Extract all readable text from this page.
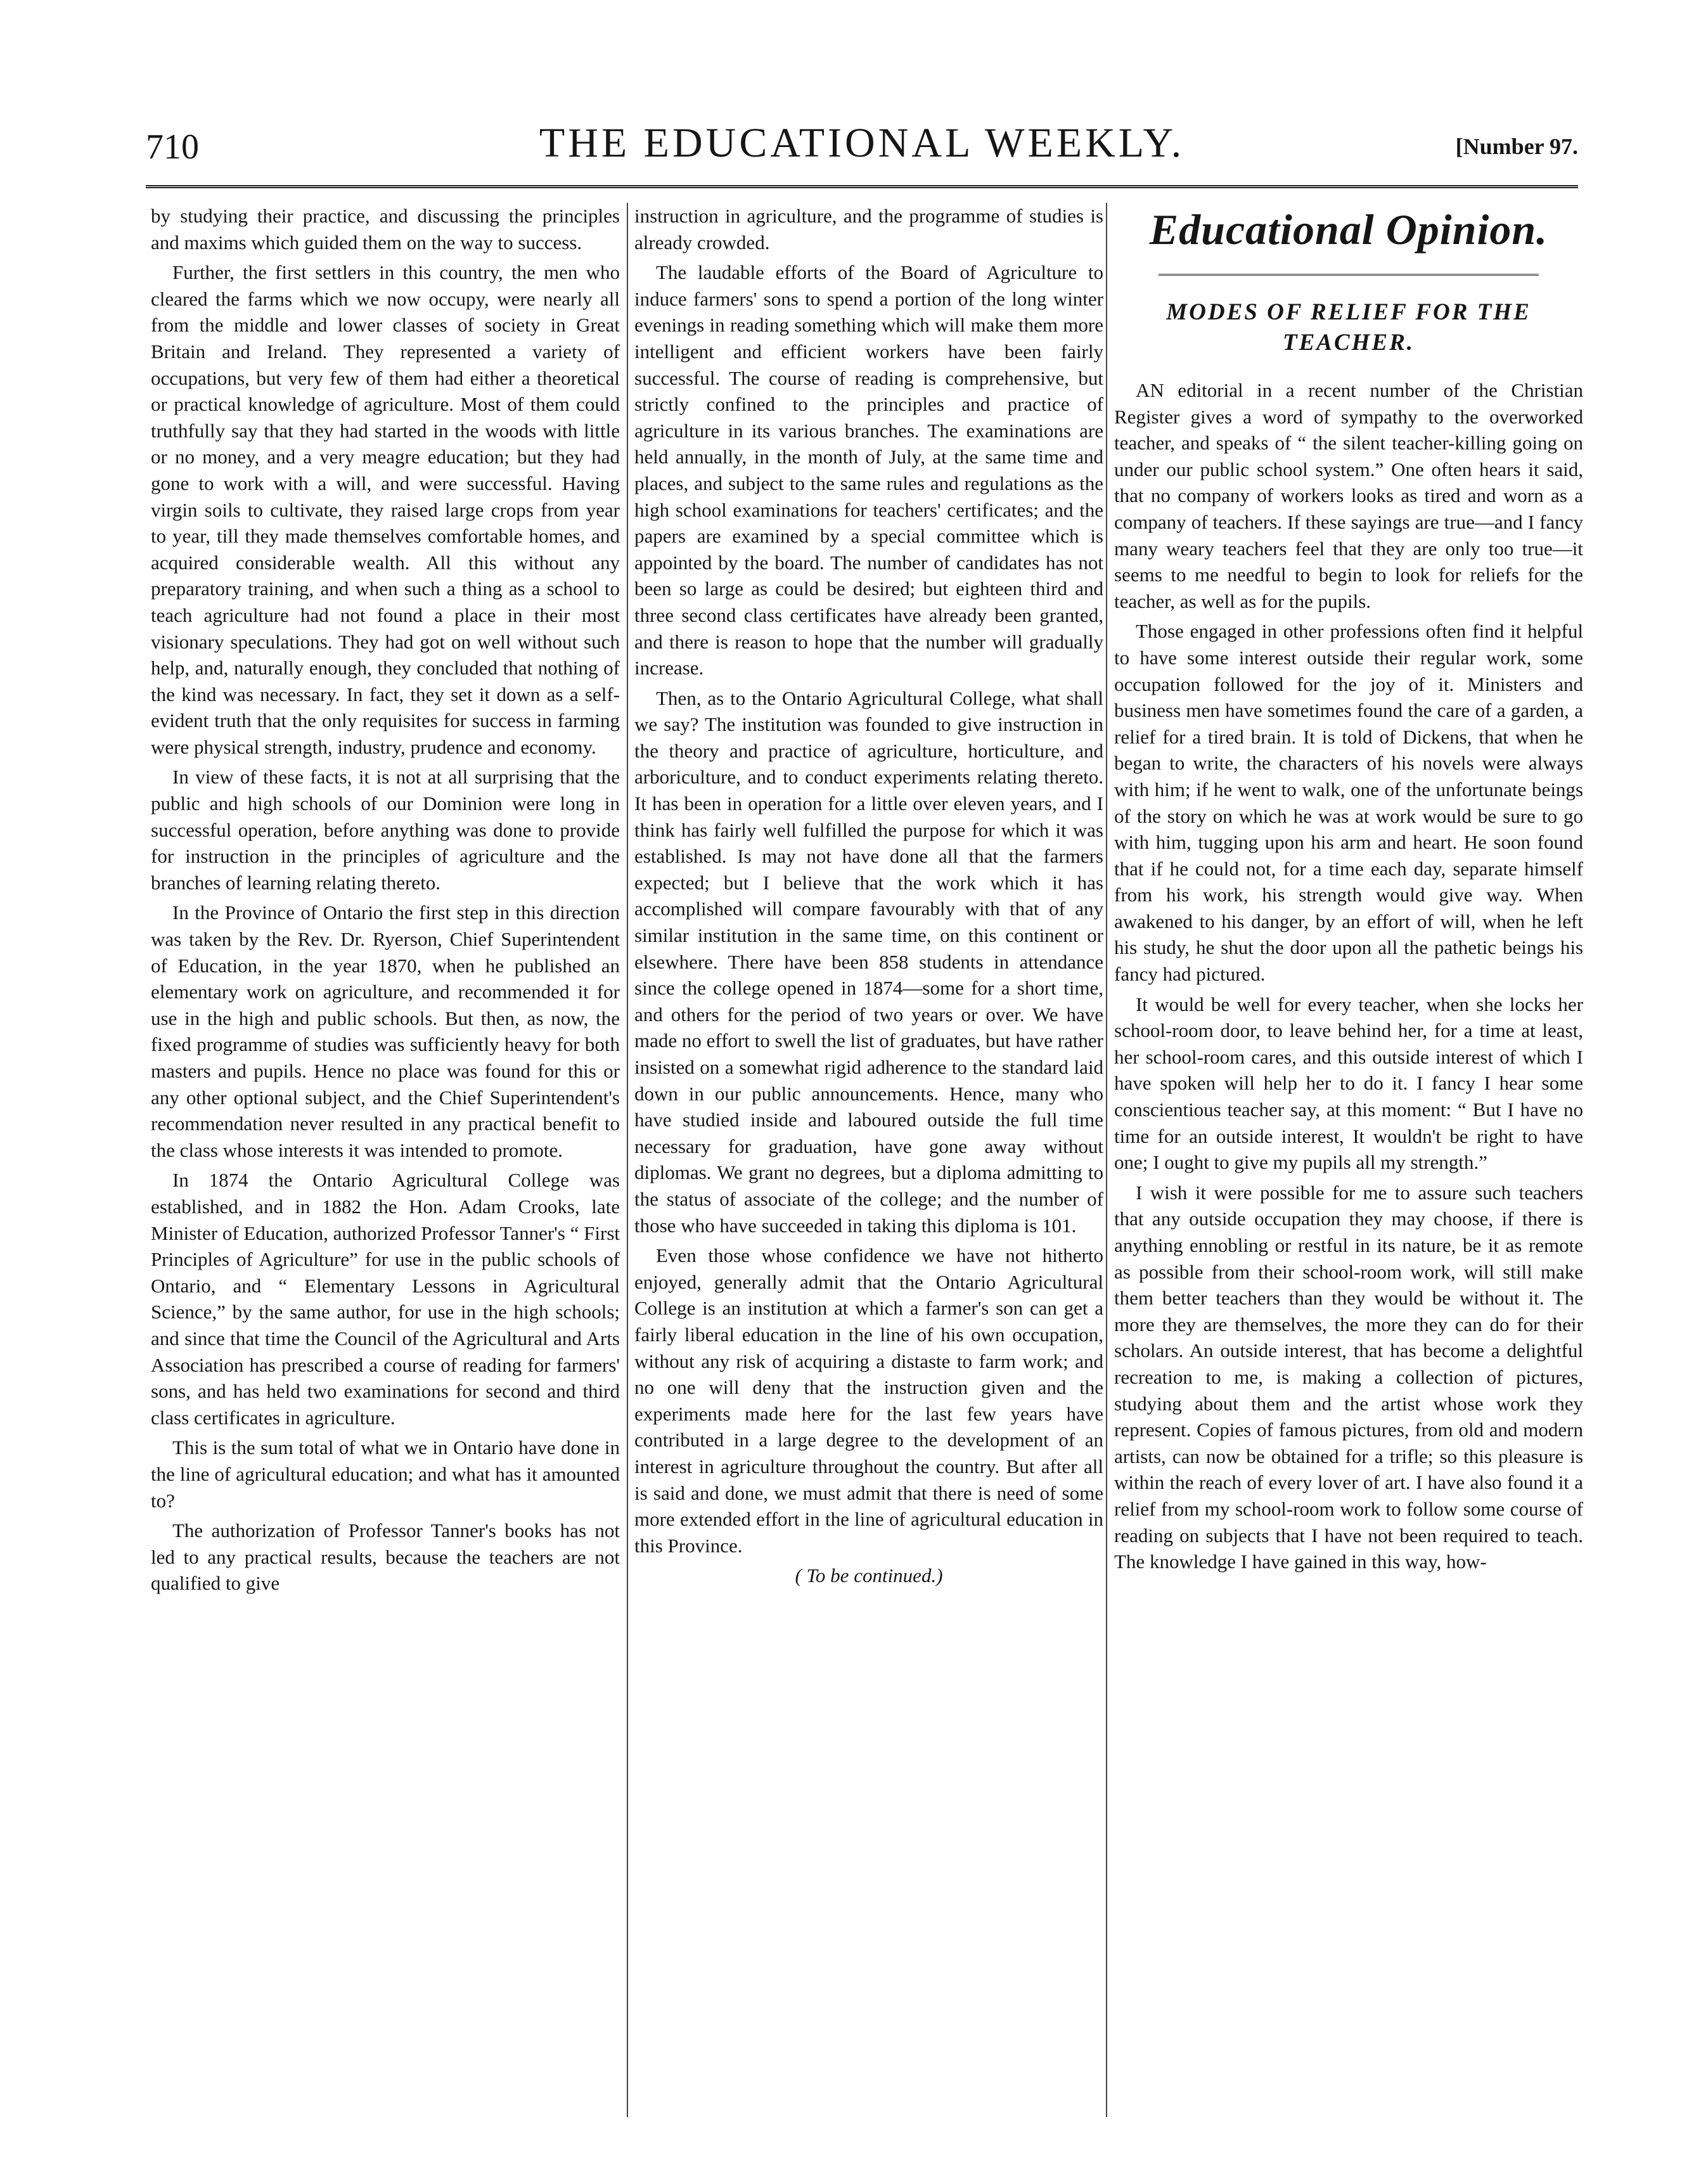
710	THE EDUCATIONAL WEEKLY.	[Number 97.

by studying their practice, and discussing the principles and maxims which guided them on the way to success.

Further, the first settlers in this country, the men who cleared the farms which we now occupy, were nearly all from the middle and lower classes of society in Great Britain and Ireland. They represented a variety of occupations, but very few of them had either a theoretical or practical knowledge of agriculture. Most of them could truthfully say that they had started in the woods with little or no money, and a very meagre education; but they had gone to work with a will, and were successful. Having virgin soils to cultivate, they raised large crops from year to year, till they made themselves comfortable homes, and acquired considerable wealth. All this without any preparatory training, and when such a thing as a school to teach agriculture had not found a place in their most visionary speculations. They had got on well without such help, and, naturally enough, they concluded that nothing of the kind was necessary. In fact, they set it down as a self-evident truth that the only requisites for success in farming were physical strength, industry, prudence and economy.

In view of these facts, it is not at all surprising that the public and high schools of our Dominion were long in successful operation, before anything was done to provide for instruction in the principles of agriculture and the branches of learning relating thereto.

In the Province of Ontario the first step in this direction was taken by the Rev. Dr. Ryerson, Chief Superintendent of Education, in the year 1870, when he published an elementary work on agriculture, and recommended it for use in the high and public schools. But then, as now, the fixed programme of studies was sufficiently heavy for both masters and pupils. Hence no place was found for this or any other optional subject, and the Chief Superintendent's recommendation never resulted in any practical benefit to the class whose interests it was intended to promote.

In 1874 the Ontario Agricultural College was established, and in 1882 the Hon. Adam Crooks, late Minister of Education, authorized Professor Tanner's “ First Principles of Agriculture” for use in the public schools of Ontario, and “ Elementary Lessons in Agricultural Science,” by the same author, for use in the high schools; and since that time the Council of the Agricultural and Arts Association has prescribed a course of reading for farmers' sons, and has held two examinations for second and third class certificates in agriculture.

This is the sum total of what we in Ontario have done in the line of agricultural education; and what has it amounted to?

The authorization of Professor Tanner's books has not led to any practical results, because the teachers are not qualified to give

instruction in agriculture, and the programme of studies is already crowded.

The laudable efforts of the Board of Agriculture to induce farmers' sons to spend a portion of the long winter evenings in reading something which will make them more intelligent and efficient workers have been fairly successful. The course of reading is comprehensive, but strictly confined to the principles and practice of agriculture in its various branches. The examinations are held annually, in the month of July, at the same time and places, and subject to the same rules and regulations as the high school examinations for teachers' certificates; and the papers are examined by a special committee which is appointed by the board. The number of candidates has not been so large as could be desired; but eighteen third and three second class certificates have already been granted, and there is reason to hope that the number will gradually increase.

Then, as to the Ontario Agricultural College, what shall we say? The institution was founded to give instruction in the theory and practice of agriculture, horticulture, and arboriculture, and to conduct experiments relating thereto. It has been in operation for a little over eleven years, and I think has fairly well fulfilled the purpose for which it was established. Is may not have done all that the farmers expected; but I believe that the work which it has accomplished will compare favourably with that of any similar institution in the same time, on this continent or elsewhere. There have been 858 students in attendance since the college opened in 1874—some for a short time, and others for the period of two years or over. We have made no effort to swell the list of graduates, but have rather insisted on a somewhat rigid adherence to the standard laid down in our public announcements. Hence, many who have studied inside and laboured outside the full time necessary for graduation, have gone away without diplomas. We grant no degrees, but a diploma admitting to the status of associate of the college; and the number of those who have succeeded in taking this diploma is 101.

Even those whose confidence we have not hitherto enjoyed, generally admit that the Ontario Agricultural College is an institution at which a farmer's son can get a fairly liberal education in the line of his own occupation, without any risk of acquiring a distaste to farm work; and no one will deny that the instruction given and the experiments made here for the last few years have contributed in a large degree to the development of an interest in agriculture throughout the country. But after all is said and done, we must admit that there is need of some more extended effort in the line of agricultural education in this Province.

( To be continued.)

Educational Opinion.
MODES OF RELIEF FOR THE TEACHER.

AN editorial in a recent number of the Christian Register gives a word of sympathy to the overworked teacher, and speaks of “ the silent teacher-killing going on under our public school system.” One often hears it said, that no company of workers looks as tired and worn as a company of teachers. If these sayings are true—and I fancy many weary teachers feel that they are only too true—it seems to me needful to begin to look for reliefs for the teacher, as well as for the pupils.

Those engaged in other professions often find it helpful to have some interest outside their regular work, some occupation followed for the joy of it. Ministers and business men have sometimes found the care of a garden, a relief for a tired brain. It is told of Dickens, that when he began to write, the characters of his novels were always with him; if he went to walk, one of the unfortunate beings of the story on which he was at work would be sure to go with him, tugging upon his arm and heart. He soon found that if he could not, for a time each day, separate himself from his work, his strength would give way. When awakened to his danger, by an effort of will, when he left his study, he shut the door upon all the pathetic beings his fancy had pictured.

It would be well for every teacher, when she locks her school-room door, to leave behind her, for a time at least, her school-room cares, and this outside interest of which I have spoken will help her to do it. I fancy I hear some conscientious teacher say, at this moment: “ But I have no time for an outside interest, It wouldn't be right to have one; I ought to give my pupils all my strength.”

I wish it were possible for me to assure such teachers that any outside occupation they may choose, if there is anything ennobling or restful in its nature, be it as remote as possible from their school-room work, will still make them better teachers than they would be without it. The more they are themselves, the more they can do for their scholars. An outside interest, that has become a delightful recreation to me, is making a collection of pictures, studying about them and the artist whose work they represent. Copies of famous pictures, from old and modern artists, can now be obtained for a trifle; so this pleasure is within the reach of every lover of art. I have also found it a relief from my school-room work to follow some course of reading on subjects that I have not been required to teach. The knowledge I have gained in this way, how-
